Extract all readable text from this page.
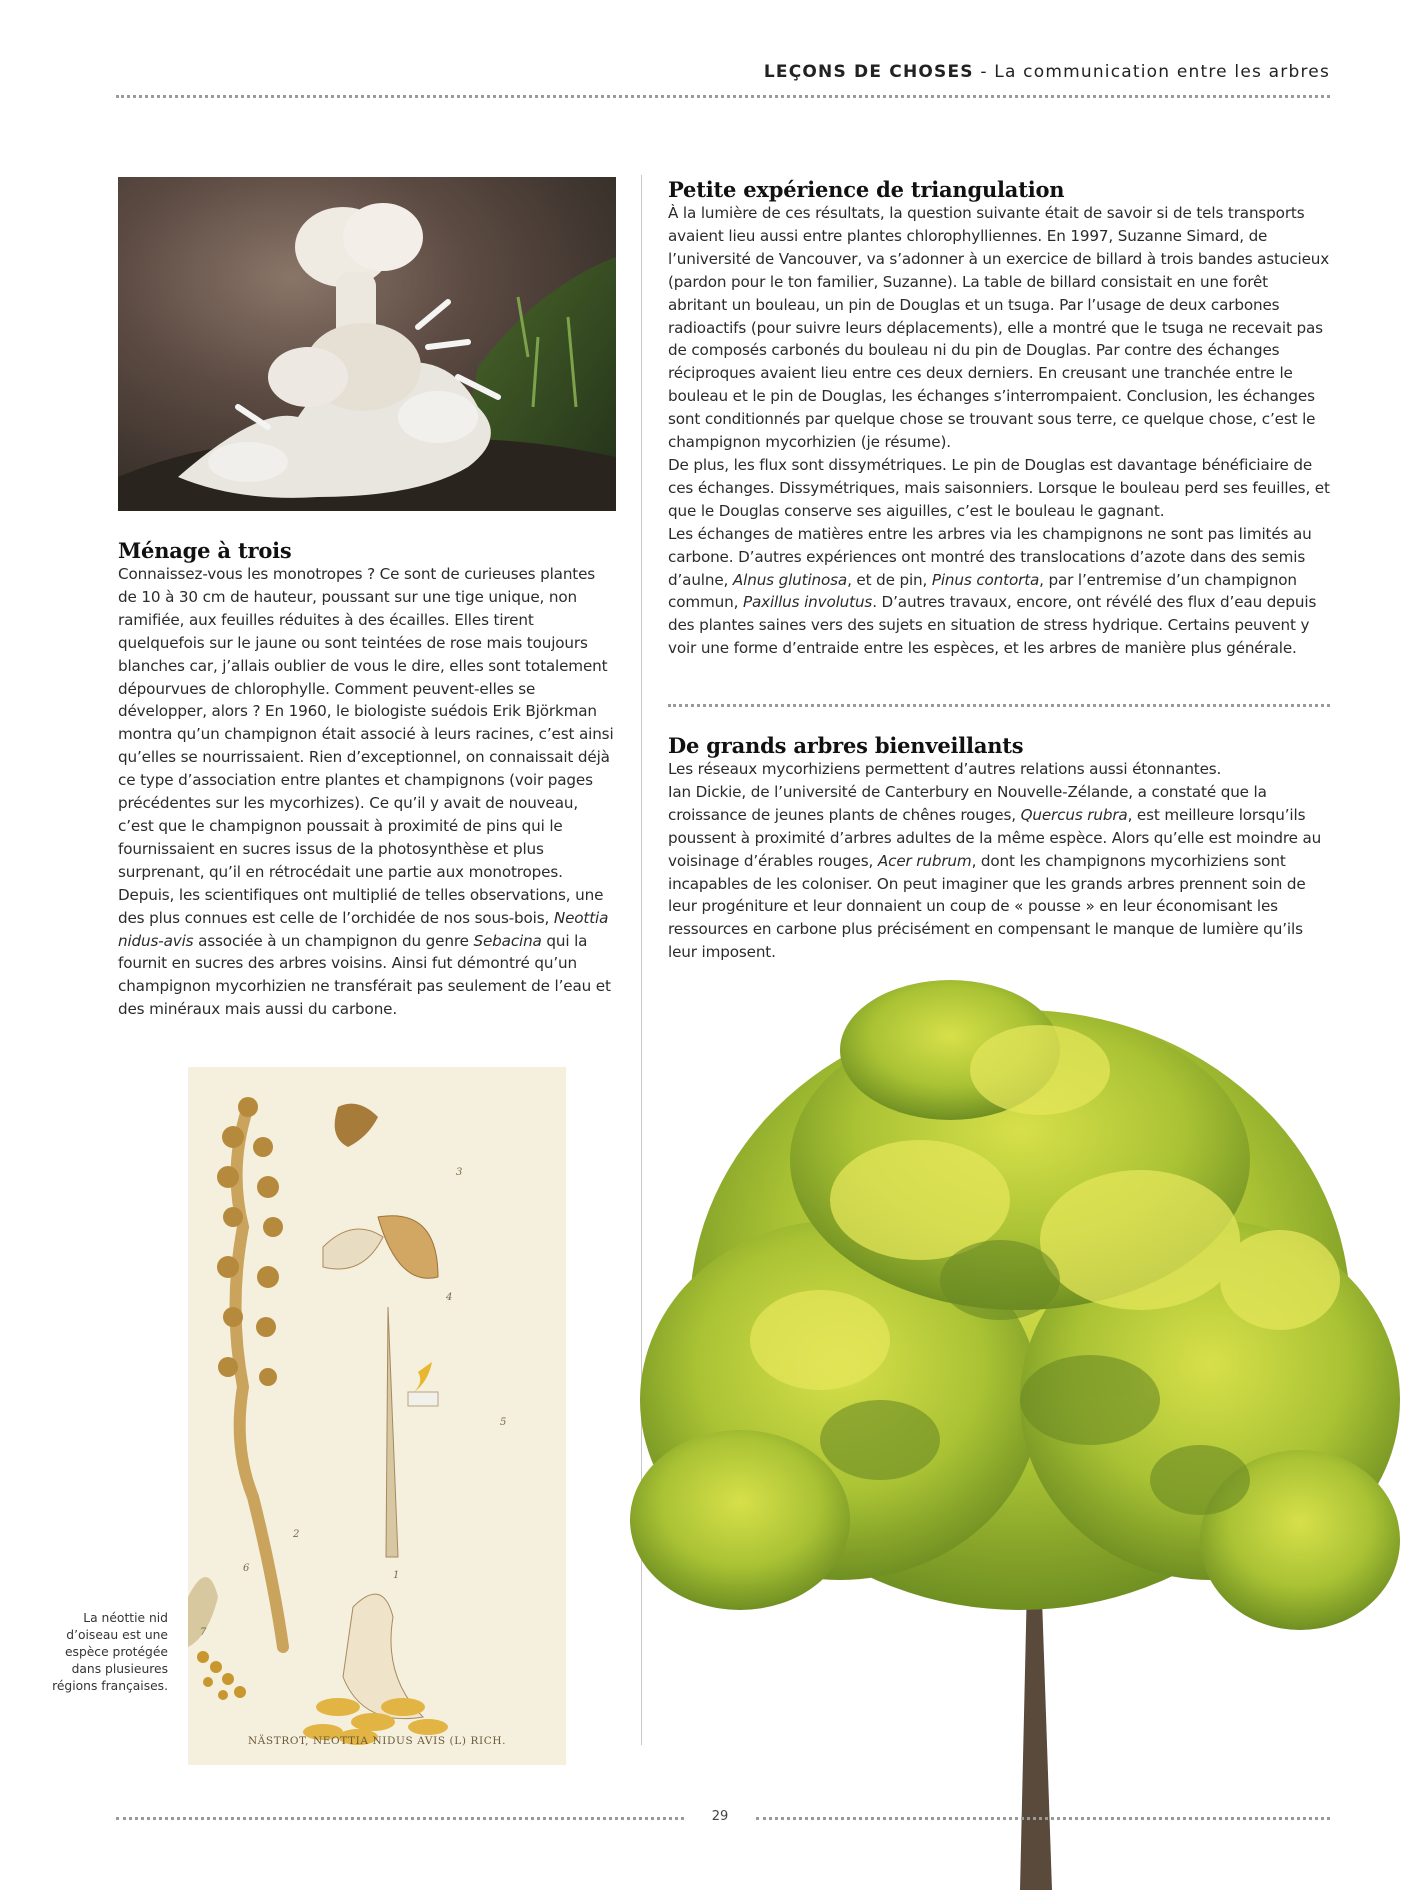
LEÇONS DE CHOSES - La communication entre les arbres
Ménage à trois

Connaissez-vous les monotropes ? Ce sont de curieuses plantes de 10 à 30 cm de hauteur, poussant sur une tige unique, non ramifiée, aux feuilles réduites à des écailles. Elles tirent quelquefois sur le jaune ou sont teintées de rose mais toujours blanches car, j’allais oublier de vous le dire, elles sont totalement dépourvues de chlorophylle. Comment peuvent-elles se développer, alors ? En 1960, le biologiste suédois Erik Björkman montra qu’un champignon était associé à leurs racines, c’est ainsi qu’elles se nourrissaient. Rien d’exceptionnel, on connaissait déjà ce type d’association entre plantes et champignons (voir pages précédentes sur les mycorhizes). Ce qu’il y avait de nouveau, c’est que le champignon poussait à proximité de pins qui le fournissaient en sucres issus de la photosynthèse et plus surprenant, qu’il en rétrocédait une partie aux monotropes. Depuis, les scientifiques ont multiplié de telles observations, une des plus connues est celle de l’orchidée de nos sous-bois, Neottia nidus-avis associée à un champignon du genre Sebacina qui la fournit en sucres des arbres voisins. Ainsi fut démontré qu’un champignon mycorhizien ne transférait pas seulement de l’eau et des minéraux mais aussi du carbone.

2
3
4
5
6
7
1
NÄSTROT, NEOTTIA NIDUS AVIS (L) RICH.
La néottie nid d’oiseau est une espèce protégée dans plusieures régions françaises.
Petite expérience de triangulation

À la lumière de ces résultats, la question suivante était de savoir si de tels transports avaient lieu aussi entre plantes chlorophylliennes. En 1997, Suzanne Simard, de l’université de Vancouver, va s’adonner à un exercice de billard à trois bandes astucieux (pardon pour le ton familier, Suzanne). La table de billard consistait en une forêt abritant un bouleau, un pin de Douglas et un tsuga. Par l’usage de deux carbones radioactifs (pour suivre leurs déplacements), elle a montré que le tsuga ne recevait pas de composés carbonés du bouleau ni du pin de Douglas. Par contre des échanges réciproques avaient lieu entre ces deux derniers. En creusant une tranchée entre le bouleau et le pin de Douglas, les échanges s’interrompaient. Conclusion, les échanges sont conditionnés par quelque chose se trouvant sous terre, ce quelque chose, c’est le champignon mycorhizien (je résume).

De plus, les flux sont dissymétriques. Le pin de Douglas est davantage bénéficiaire de ces échanges. Dissymétriques, mais saisonniers. Lorsque le bouleau perd ses feuilles, et que le Douglas conserve ses aiguilles, c’est le bouleau le gagnant.

Les échanges de matières entre les arbres via les champignons ne sont pas limités au carbone. D’autres expériences ont montré des translocations d’azote dans des semis d’aulne, Alnus glutinosa, et de pin, Pinus contorta, par l’entremise d’un champignon commun, Paxillus involutus. D’autres travaux, encore, ont révélé des flux d’eau depuis des plantes saines vers des sujets en situation de stress hydrique. Certains peuvent y voir une forme d’entraide entre les espèces, et les arbres de manière plus générale.

De grands arbres bienveillants

Les réseaux mycorhiziens permettent d’autres relations aussi étonnantes.

Ian Dickie, de l’université de Canterbury en Nouvelle-Zélande, a constaté que la croissance de jeunes plants de chênes rouges, Quercus rubra, est meilleure lorsqu’ils poussent à proximité d’arbres adultes de la même espèce. Alors qu’elle est moindre au voisinage d’érables rouges, Acer rubrum, dont les champignons mycorhiziens sont incapables de les coloniser. On peut imaginer que les grands arbres prennent soin de leur progéniture et leur donnaient un coup de « pousse » en leur économisant les ressources en carbone plus précisément en compensant le manque de lumière qu’ils leur imposent.

29
